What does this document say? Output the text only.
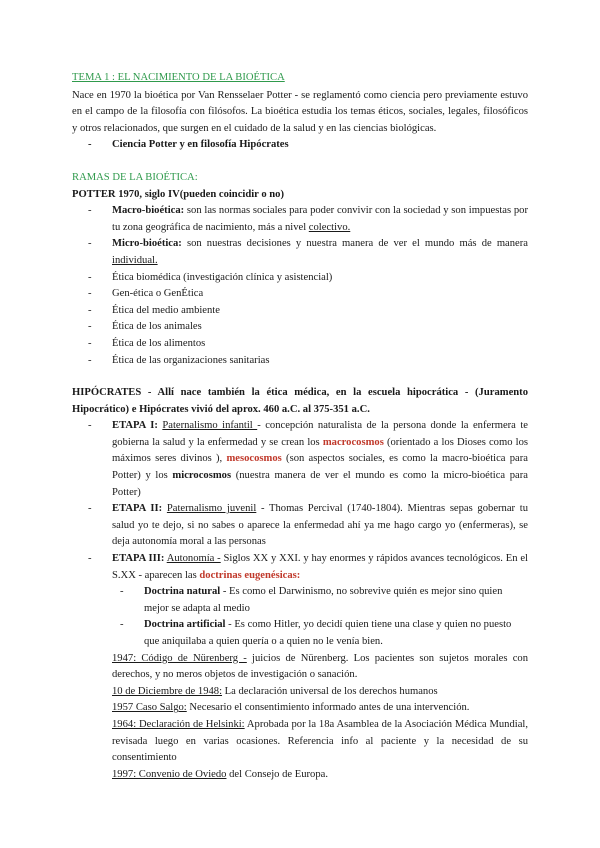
TEMA 1 : EL NACIMIENTO DE LA BIOÉTICA

Nace en 1970 la bioética por Van Rensselaer Potter - se reglamentó como ciencia pero previamente estuvo en el campo de la filosofía con filósofos. La bioética estudia los temas éticos, sociales, legales, filosóficos y otros relacionados, que surgen en el cuidado de la salud y en las ciencias biológicas.

- Ciencia Potter y en filosofía Hipócrates

RAMAS DE LA BIOÉTICA:

POTTER 1970, siglo IV(pueden coincidir o no)

- Macro-bioética: son las normas sociales para poder convivir con la sociedad y son impuestas por tu zona geográfica de nacimiento, más a nivel colectivo.
- Micro-bioética: son nuestras decisiones y nuestra manera de ver el mundo más de manera individual.
- Ética biomédica (investigación clínica y asistencial)
- Gen-ética o GenÉtica
- Ética del medio ambiente
- Ética de los animales
- Ética de los alimentos
- Ética de las organizaciones sanitarias

HIPÓCRATES - Allí nace también la ética médica, en la escuela hipocrática - (Juramento Hipocrático) e Hipócrates vivió del aprox. 460 a.C. al 375-351 a.C.

- ETAPA I: Paternalismo infantil - concepción naturalista de la persona donde la enfermera te gobierna la salud y la enfermedad y se crean los macrocosmos (orientado a los Dioses como los máximos seres divinos ), mesocosmos (son aspectos sociales, es como la macro-bioética para Potter) y los microcosmos (nuestra manera de ver el mundo es como la micro-bioética para Potter)
- ETAPA II: Paternalismo juvenil - Thomas Percival (1740-1804). Mientras sepas gobernar tu salud yo te dejo, si no sabes o aparece la enfermedad ahí ya me hago cargo yo (enfermeras), se deja autonomía moral a las personas
- ETAPA III: Autonomía - Siglos XX y XXI. y hay enormes y rápidos avances tecnológicos. En el S.XX - aparecen las doctrinas eugenésicas:
- Doctrina natural - Es como el Darwinismo, no sobrevive quién es mejor sino quien mejor se adapta al medio
- Doctrina artificial - Es como Hitler, yo decidí quien tiene una clase y quien no puesto que aniquilaba a quien quería o a quien no le venía bien.

1947: Código de Nürenberg - juicios de Nürenberg. Los pacientes son sujetos morales con derechos, y no meros objetos de investigación o sanación.

10 de Diciembre de 1948: La declaración universal de los derechos humanos

1957 Caso Salgo: Necesario el consentimiento informado antes de una intervención.

1964: Declaración de Helsinki: Aprobada por la 18a Asamblea de la Asociación Médica Mundial, revisada luego en varias ocasiones. Referencia info al paciente y la necesidad de su consentimiento

1997: Convenio de Oviedo del Consejo de Europa.
